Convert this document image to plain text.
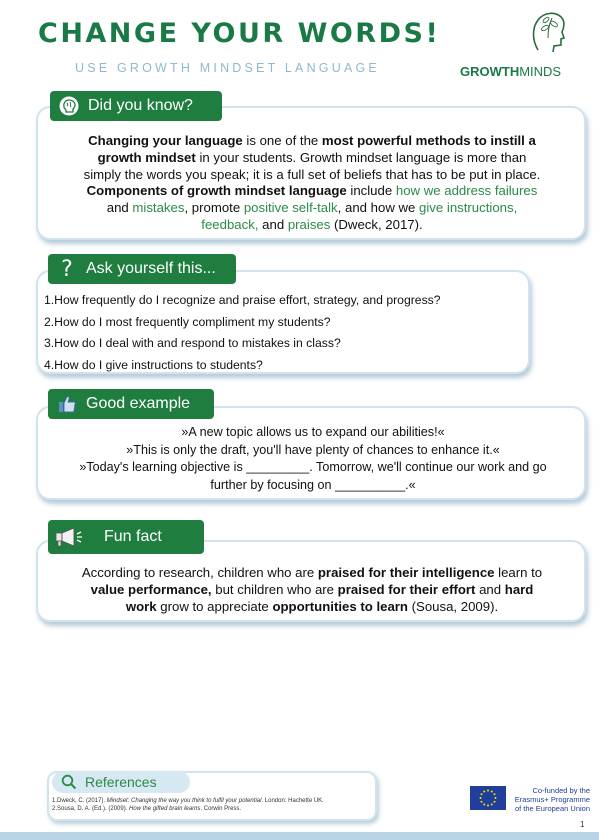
CHANGE YOUR WORDS!
USE GROWTH MINDSET LANGUAGE	GROWTHMINDS
Did you know?
Changing your language is one of the most powerful methods to instill a
growth mindset in your students. Growth mindset language is more than
simply the words you speak; it is a full set of beliefs that has to be put in place.
Components of growth mindset language include how we address failures
and mistakes, promote positive self-talk, and how we give instructions,
feedback, and praises (Dweck, 2017).
? Ask yourself this...
1.How frequently do I recognize and praise effort, strategy, and progress?
2.How do I most frequently compliment my students?
3.How do I deal with and respond to mistakes in class?
4.How do I give instructions to students?
Good example
»A new topic allows us to expand our abilities!«
»This is only the draft, you'll have plenty of chances to enhance it.«
»Today's learning objective is _________. Tomorrow, we'll continue our work and go
further by focusing on __________.«
Fun fact
According to research, children who are praised for their intelligence learn to
value performance, but children who are praised for their effort and hard
work grow to appreciate opportunities to learn (Sousa, 2009).
References
1.Dweck, C. (2017). Mindset: Changing the way you think to fulfil your potential. London: Hachette UK.
2.Sousa, D. A. (Ed.). (2009). How the gifted brain learns. Corwin Press.
Co-funded by the
Erasmus+ Programme
of the European Union
1
